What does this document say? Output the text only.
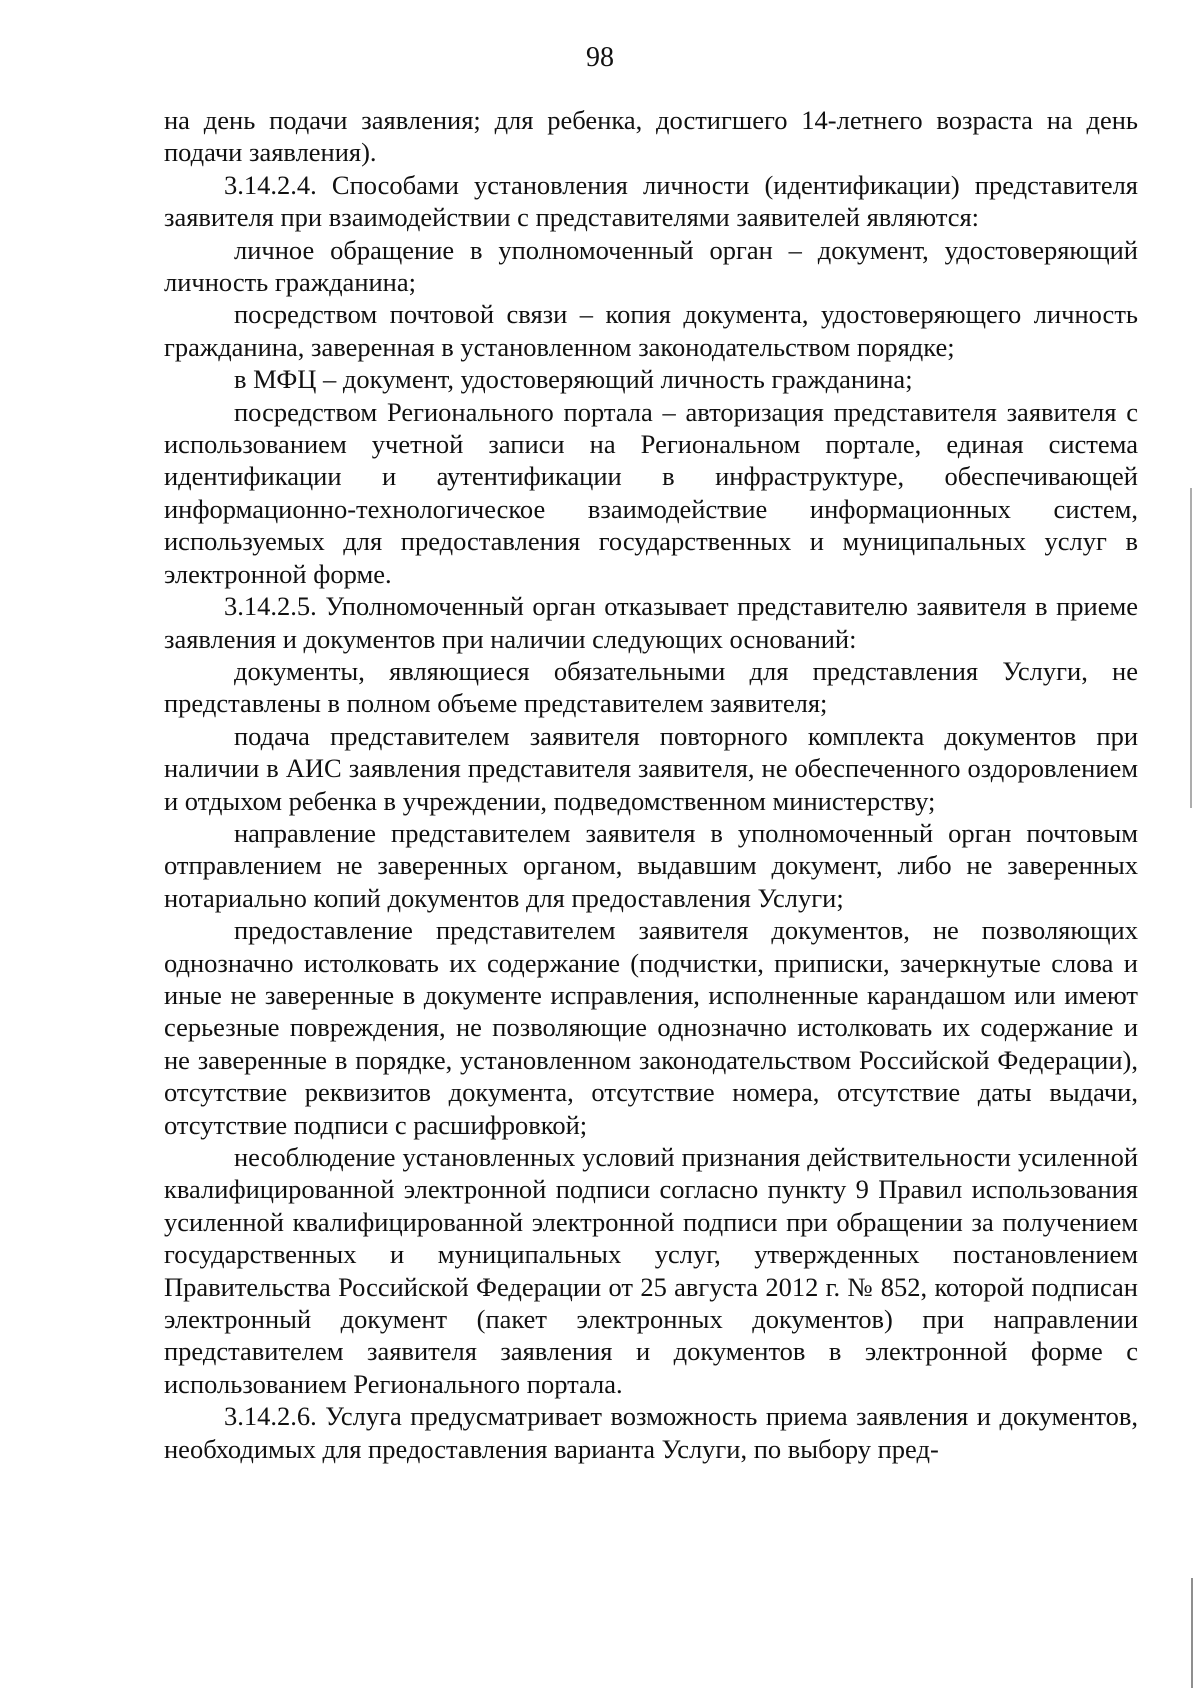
98

на день подачи заявления; для ребенка, достигшего 14-летнего возраста на день подачи заявления).

3.14.2.4. Способами установления личности (идентификации) представителя заявителя при взаимодействии с представителями заявителей являются:

личное обращение в уполномоченный орган – документ, удостоверяющий личность гражданина;

посредством почтовой связи – копия документа, удостоверяющего личность гражданина, заверенная в установленном законодательством порядке;

в МФЦ – документ, удостоверяющий личность гражданина;

посредством Регионального портала – авторизация представителя заявителя с использованием учетной записи на Региональном портале, единая система идентификации и аутентификации в инфраструктуре, обеспечивающей информационно-технологическое взаимодействие информационных систем, используемых для предоставления государственных и муниципальных услуг в электронной форме.

3.14.2.5. Уполномоченный орган отказывает представителю заявителя в приеме заявления и документов при наличии следующих оснований:

документы, являющиеся обязательными для представления Услуги, не представлены в полном объеме представителем заявителя;

подача представителем заявителя повторного комплекта документов при наличии в АИС заявления представителя заявителя, не обеспеченного оздоровлением и отдыхом ребенка в учреждении, подведомственном министерству;

направление представителем заявителя в уполномоченный орган почтовым отправлением не заверенных органом, выдавшим документ, либо не заверенных нотариально копий документов для предоставления Услуги;

предоставление представителем заявителя документов, не позволяющих однозначно истолковать их содержание (подчистки, приписки, зачеркнутые слова и иные не заверенные в документе исправления, исполненные карандашом или имеют серьезные повреждения, не позволяющие однозначно истолковать их содержание и не заверенные в порядке, установленном законодательством Российской Федерации), отсутствие реквизитов документа, отсутствие номера, отсутствие даты выдачи, отсутствие подписи с расшифровкой;

несоблюдение установленных условий признания действительности усиленной квалифицированной электронной подписи согласно пункту 9 Правил использования усиленной квалифицированной электронной подписи при обращении за получением государственных и муниципальных услуг, утвержденных постановлением Правительства Российской Федерации от 25 августа 2012 г. № 852, которой подписан электронный документ (пакет электронных документов) при направлении представителем заявителя заявления и документов в электронной форме с использованием Регионального портала.

3.14.2.6. Услуга предусматривает возможность приема заявления и документов, необходимых для предоставления варианта Услуги, по выбору пред-
